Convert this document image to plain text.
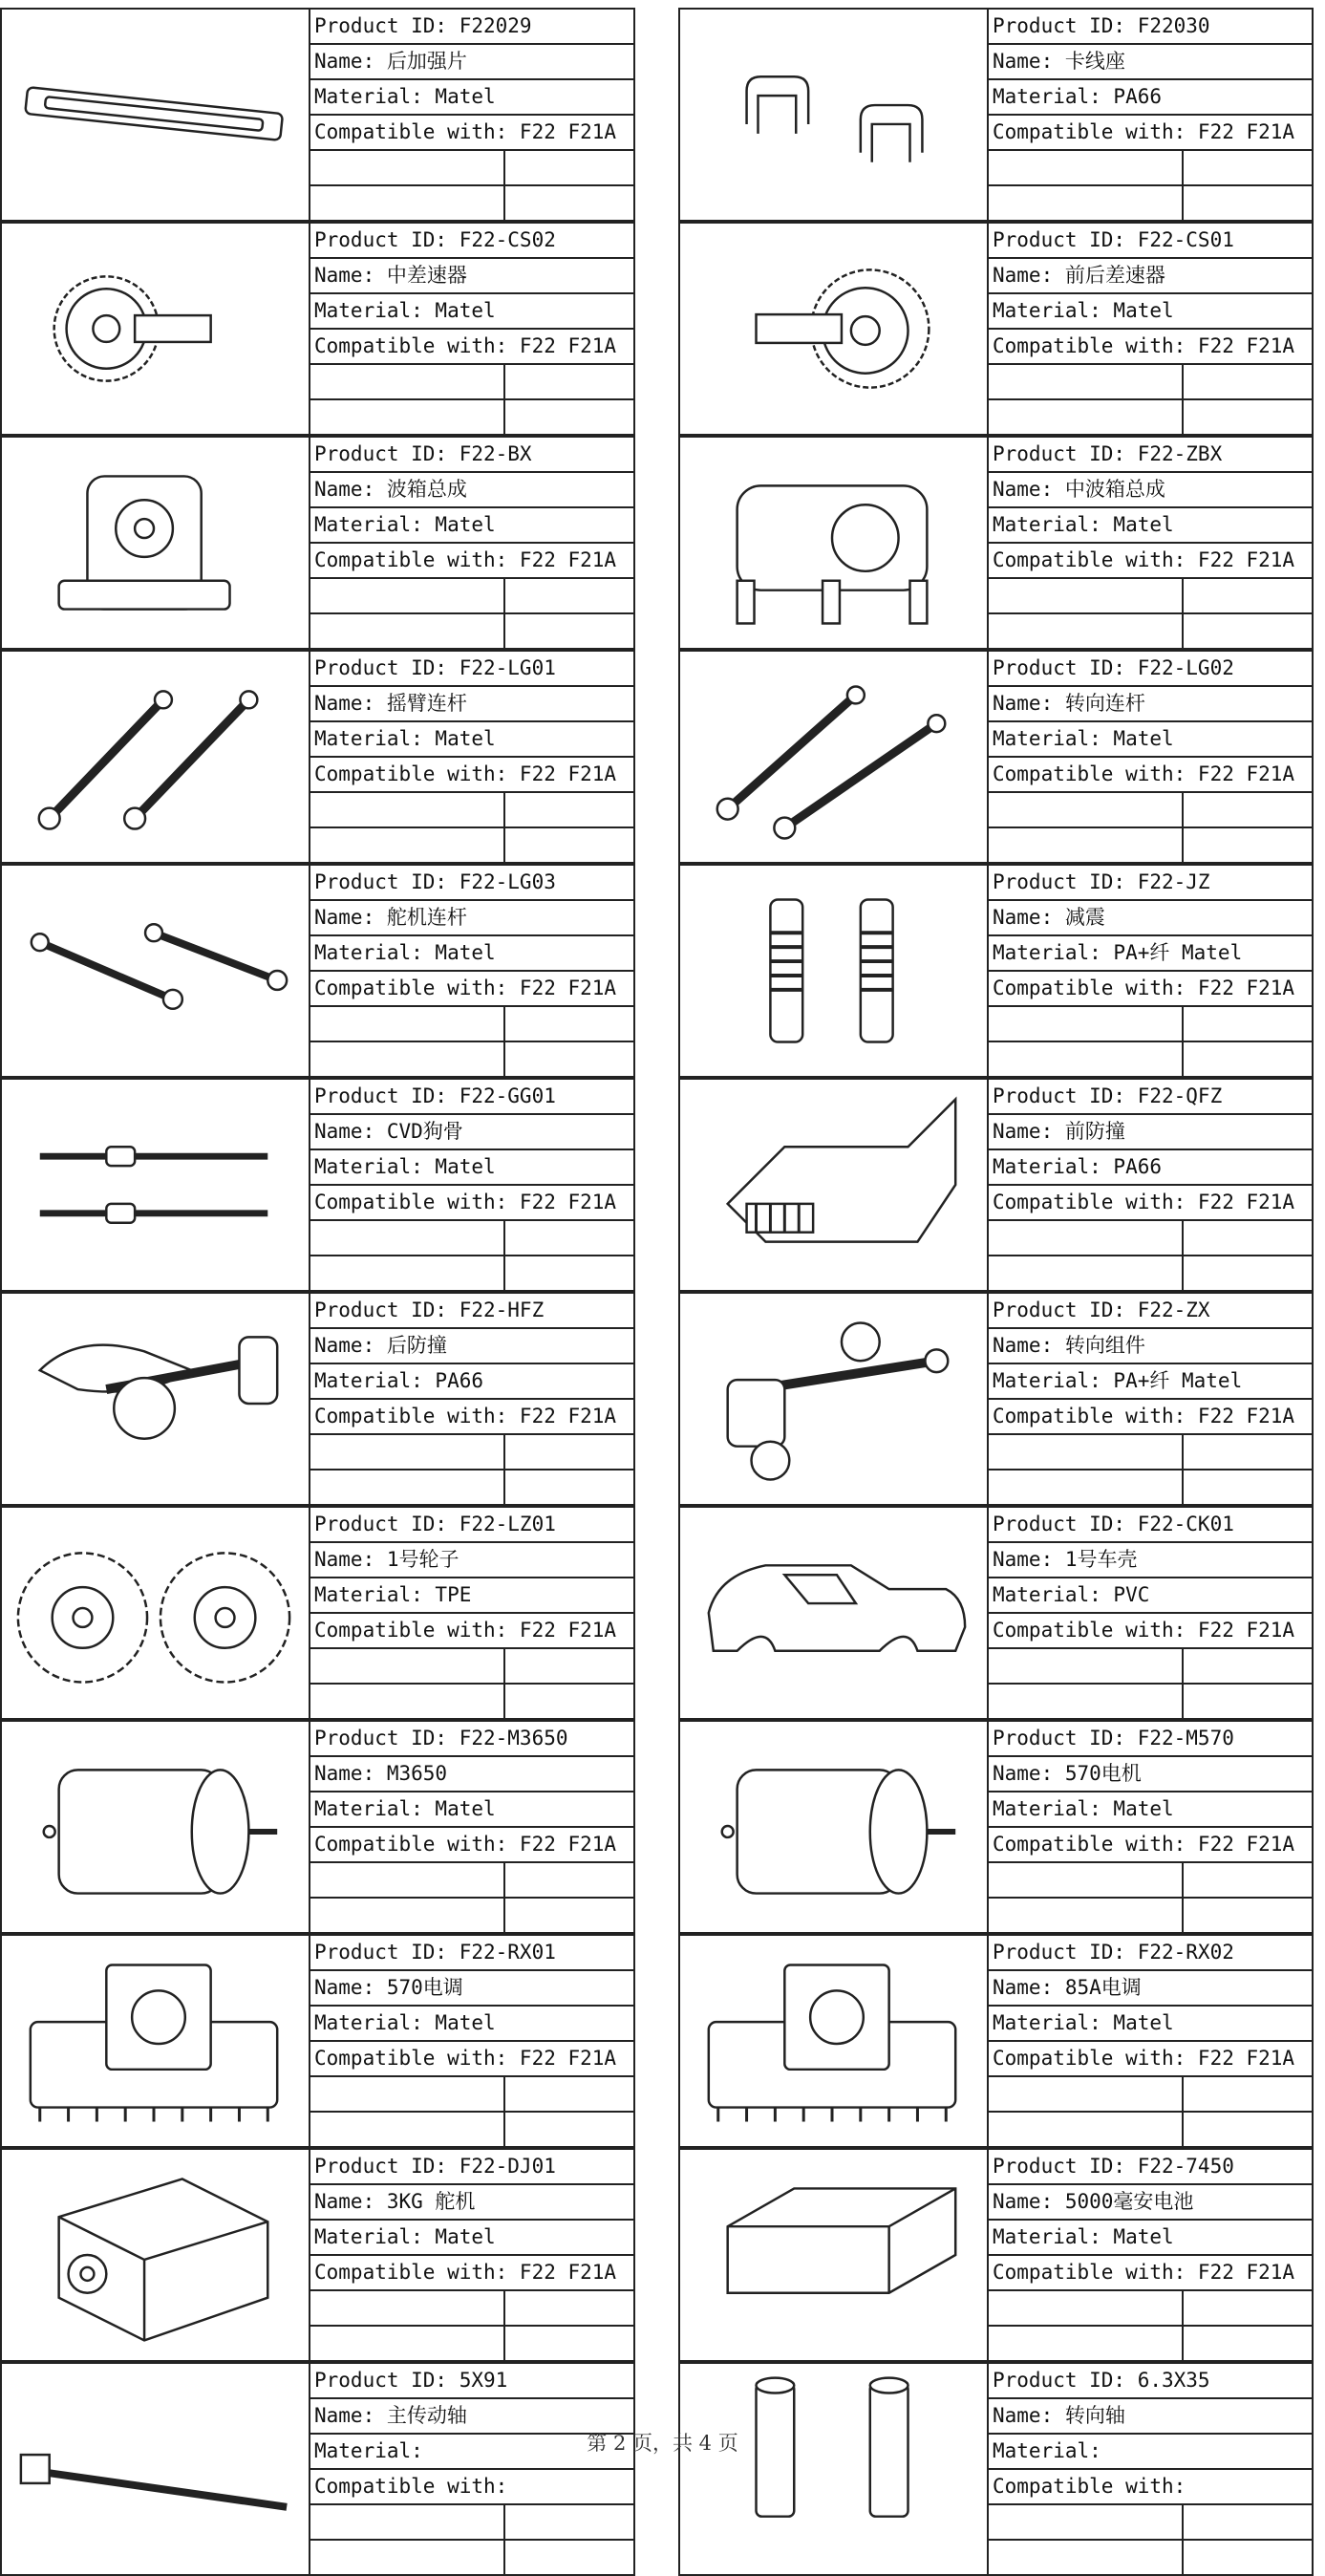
Product ID: F22029
Name: 后加强片
Material: Matel
Compatible with: F22 F21A
Product ID: F22030
Name: 卡线座
Material: PA66
Compatible with: F22 F21A
Product ID: F22-CS02
Name: 中差速器
Material: Matel
Compatible with: F22 F21A
Product ID: F22-CS01
Name: 前后差速器
Material: Matel
Compatible with: F22 F21A
Product ID: F22-BX
Name: 波箱总成
Material: Matel
Compatible with: F22 F21A
Product ID: F22-ZBX
Name: 中波箱总成
Material: Matel
Compatible with: F22 F21A
Product ID: F22-LG01
Name: 摇臂连杆
Material: Matel
Compatible with: F22 F21A
Product ID: F22-LG02
Name: 转向连杆
Material: Matel
Compatible with: F22 F21A
Product ID: F22-LG03
Name: 舵机连杆
Material: Matel
Compatible with: F22 F21A
Product ID: F22-JZ
Name: 减震
Material: PA+纤 Matel
Compatible with: F22 F21A
Product ID: F22-GG01
Name: CVD狗骨
Material: Matel
Compatible with: F22 F21A
Product ID: F22-QFZ
Name: 前防撞
Material: PA66
Compatible with: F22 F21A
Product ID: F22-HFZ
Name: 后防撞
Material: PA66
Compatible with: F22 F21A
Product ID: F22-ZX
Name: 转向组件
Material: PA+纤 Matel
Compatible with: F22 F21A
Product ID: F22-LZ01
Name: 1号轮子
Material: TPE
Compatible with: F22 F21A
Product ID: F22-CK01
Name: 1号车壳
Material: PVC
Compatible with: F22 F21A
Product ID: F22-M3650
Name: M3650
Material: Matel
Compatible with: F22 F21A
Product ID: F22-M570
Name: 570电机
Material: Matel
Compatible with: F22 F21A
Product ID: F22-RX01
Name: 570电调
Material: Matel
Compatible with: F22 F21A
Product ID: F22-RX02
Name: 85A电调
Material: Matel
Compatible with: F22 F21A
Product ID: F22-DJ01
Name: 3KG 舵机
Material: Matel
Compatible with: F22 F21A
Product ID: F22-7450
Name: 5000毫安电池
Material: Matel
Compatible with: F22 F21A
Product ID: 5X91
Name: 主传动轴
Material:
Compatible with:
Product ID: 6.3X35
Name: 转向轴
Material:
Compatible with:
第 2 页，共 4 页
